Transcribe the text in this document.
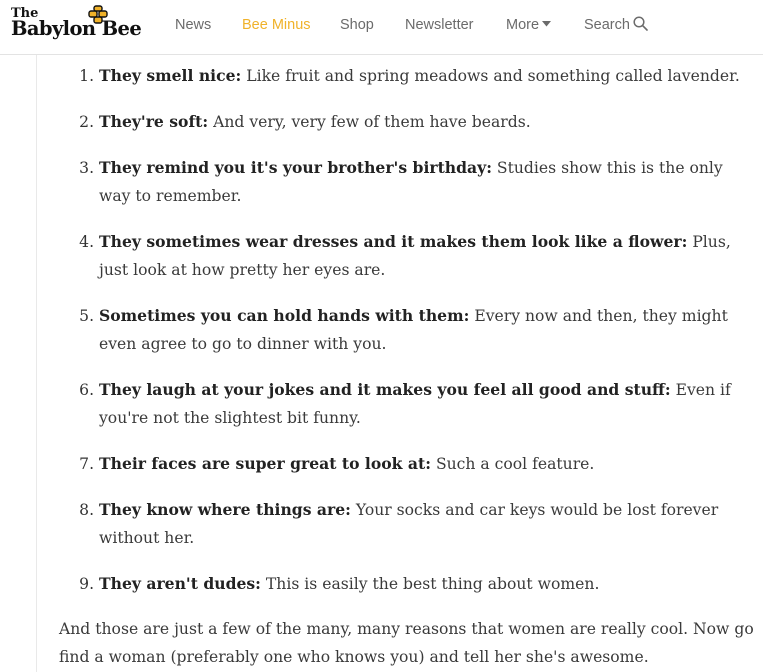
The
Babylon Bee News Bee Minus Shop Newsletter More	Search
1. They smell nice: Like fruit and spring meadows and something called lavender.
2. They're soft: And very, very few of them have beards.
3. They remind you it's your brother's birthday: Studies show this is the only way to remember.
4. They sometimes wear dresses and it makes them look like a flower: Plus, just look at how pretty her eyes are.
5. Sometimes you can hold hands with them: Every now and then, they might even agree to go to dinner with you.
6. They laugh at your jokes and it makes you feel all good and stuff: Even if you're not the slightest bit funny.
7. Their faces are super great to look at: Such a cool feature.
8. They know where things are: Your socks and car keys would be lost forever without her.
9. They aren't dudes: This is easily the best thing about women.

And those are just a few of the many, many reasons that women are really cool. Now go find a woman (preferably one who knows you) and tell her she's awesome.
